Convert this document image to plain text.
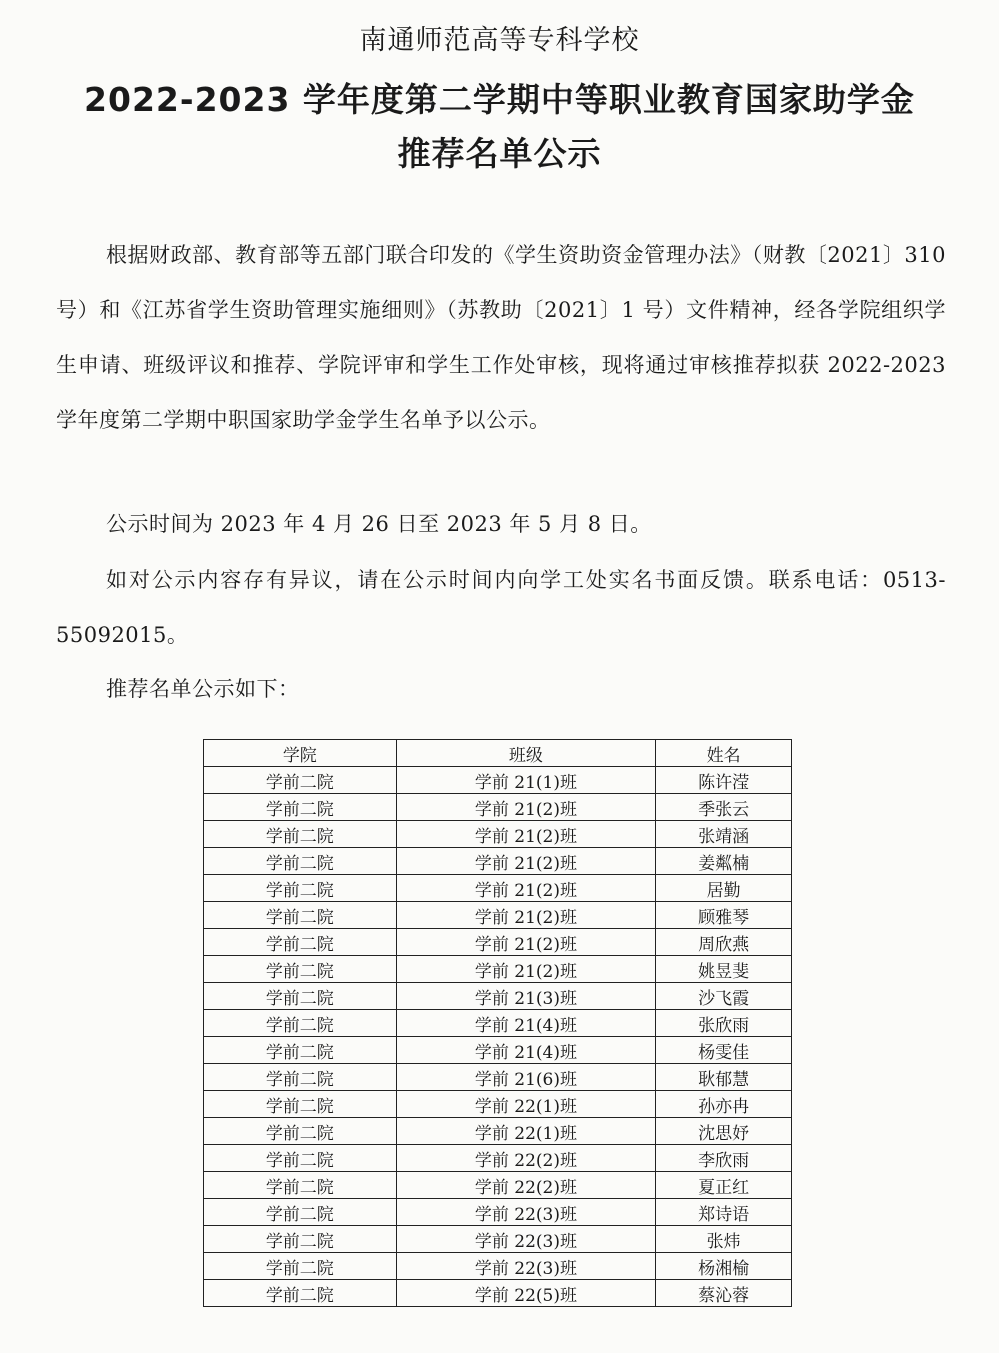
南通师范高等专科学校
2022-2023 学年度第二学期中等职业教育国家助学金
推荐名单公示
根据财政部、教育部等五部门联合印发的《学生资助资金管理办法》（财教〔2021〕310 号）和《江苏省学生资助管理实施细则》（苏教助〔2021〕1 号）文件精神，经各学院组织学生申请、班级评议和推荐、学院评审和学生工作处审核，现将通过审核推荐拟获 2022-2023 学年度第二学期中职国家助学金学生名单予以公示。
公示时间为 2023 年 4 月 26 日至 2023 年 5 月 8 日。
如对公示内容存有异议，请在公示时间内向学工处实名书面反馈。联系电话：0513-55092015。
推荐名单公示如下：
学院	班级	姓名
学前二院	学前 21(1)班	陈许滢
学前二院	学前 21(2)班	季张云
学前二院	学前 21(2)班	张靖涵
学前二院	学前 21(2)班	姜粼楠
学前二院	学前 21(2)班	居勤
学前二院	学前 21(2)班	顾雅琴
学前二院	学前 21(2)班	周欣燕
学前二院	学前 21(2)班	姚昱斐
学前二院	学前 21(3)班	沙飞霞
学前二院	学前 21(4)班	张欣雨
学前二院	学前 21(4)班	杨雯佳
学前二院	学前 21(6)班	耿郁慧
学前二院	学前 22(1)班	孙亦冉
学前二院	学前 22(1)班	沈思妤
学前二院	学前 22(2)班	李欣雨
学前二院	学前 22(2)班	夏正红
学前二院	学前 22(3)班	郑诗语
学前二院	学前 22(3)班	张炜
学前二院	学前 22(3)班	杨湘榆
学前二院	学前 22(5)班	蔡沁蓉
